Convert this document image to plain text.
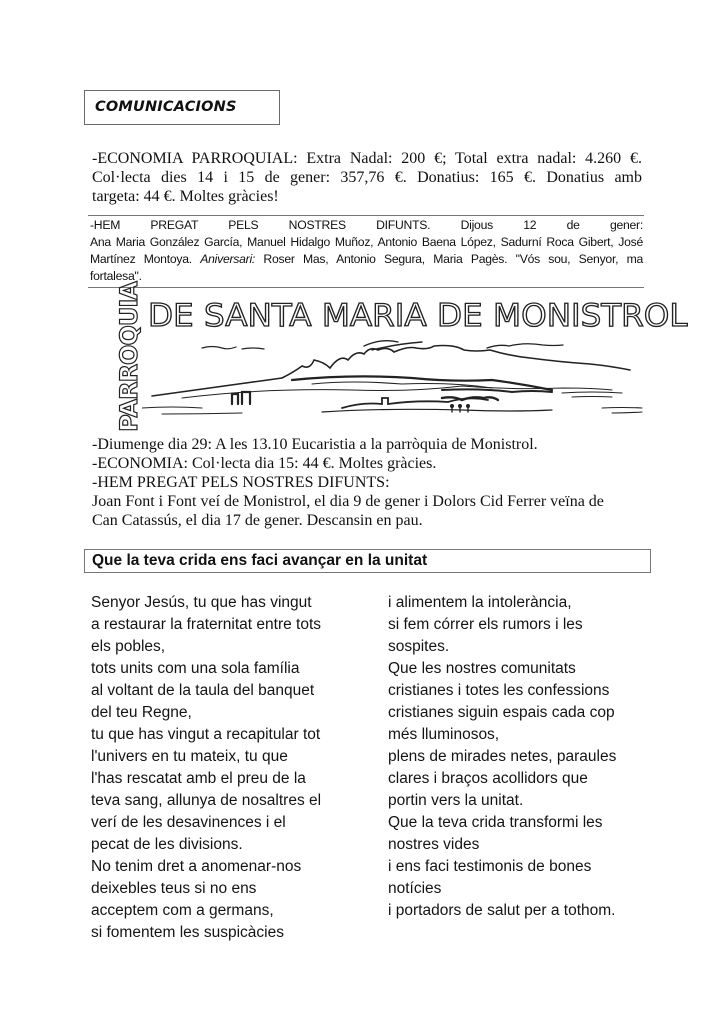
COMUNICACIONS
-ECONOMIA PARROQUIAL: Extra Nadal: 200 €; Total extra nadal: 4.260 €.
Col·lecta dies 14 i 15 de gener: 357,76 €. Donatius: 165 €. Donatius amb
targeta: 44 €. Moltes gràcies!
-HEM PREGAT PELS NOSTRES DIFUNTS. Dijous 12 de gener:
Ana Maria González García, Manuel Hidalgo Muñoz, Antonio Baena López, Sadurní Roca Gibert, José
Martínez Montoya. Aniversari: Roser Mas, Antonio Segura, Maria Pagès. "Vós sou, Senyor, ma
fortalesa".
PARROQUIA DE SANTA MARIA DE MONISTROL
-Diumenge dia 29: A les 13.10 Eucaristia a la parròquia de Monistrol.
-ECONOMIA: Col·lecta dia 15: 44 €. Moltes gràcies.
-HEM PREGAT PELS NOSTRES DIFUNTS:
Joan Font i Font veí de Monistrol, el dia 9 de gener i Dolors Cid Ferrer veïna de
Can Catassús, el dia 17 de gener. Descansin en pau.
Que la teva crida ens faci avançar en la unitat
Senyor Jesús, tu que has vingut
a restaurar la fraternitat entre tots
els pobles,
tots units com una sola família
al voltant de la taula del banquet
del teu Regne,
tu que has vingut a recapitular tot
l'univers en tu mateix, tu que
l'has rescatat amb el preu de la
teva sang, allunya de nosaltres el
verí de les desavinences i el
pecat de les divisions.
No tenim dret a anomenar-nos
deixebles teus si no ens
acceptem com a germans,
si fomentem les suspicàcies
i alimentem la intolerància,
si fem córrer els rumors i les
sospites.
Que les nostres comunitats
cristianes i totes les confessions
cristianes siguin espais cada cop
més lluminosos,
plens de mirades netes, paraules
clares i braços acollidors que
portin vers la unitat.
Que la teva crida transformi les
nostres vides
i ens faci testimonis de bones
notícies
i portadors de salut per a tothom.
